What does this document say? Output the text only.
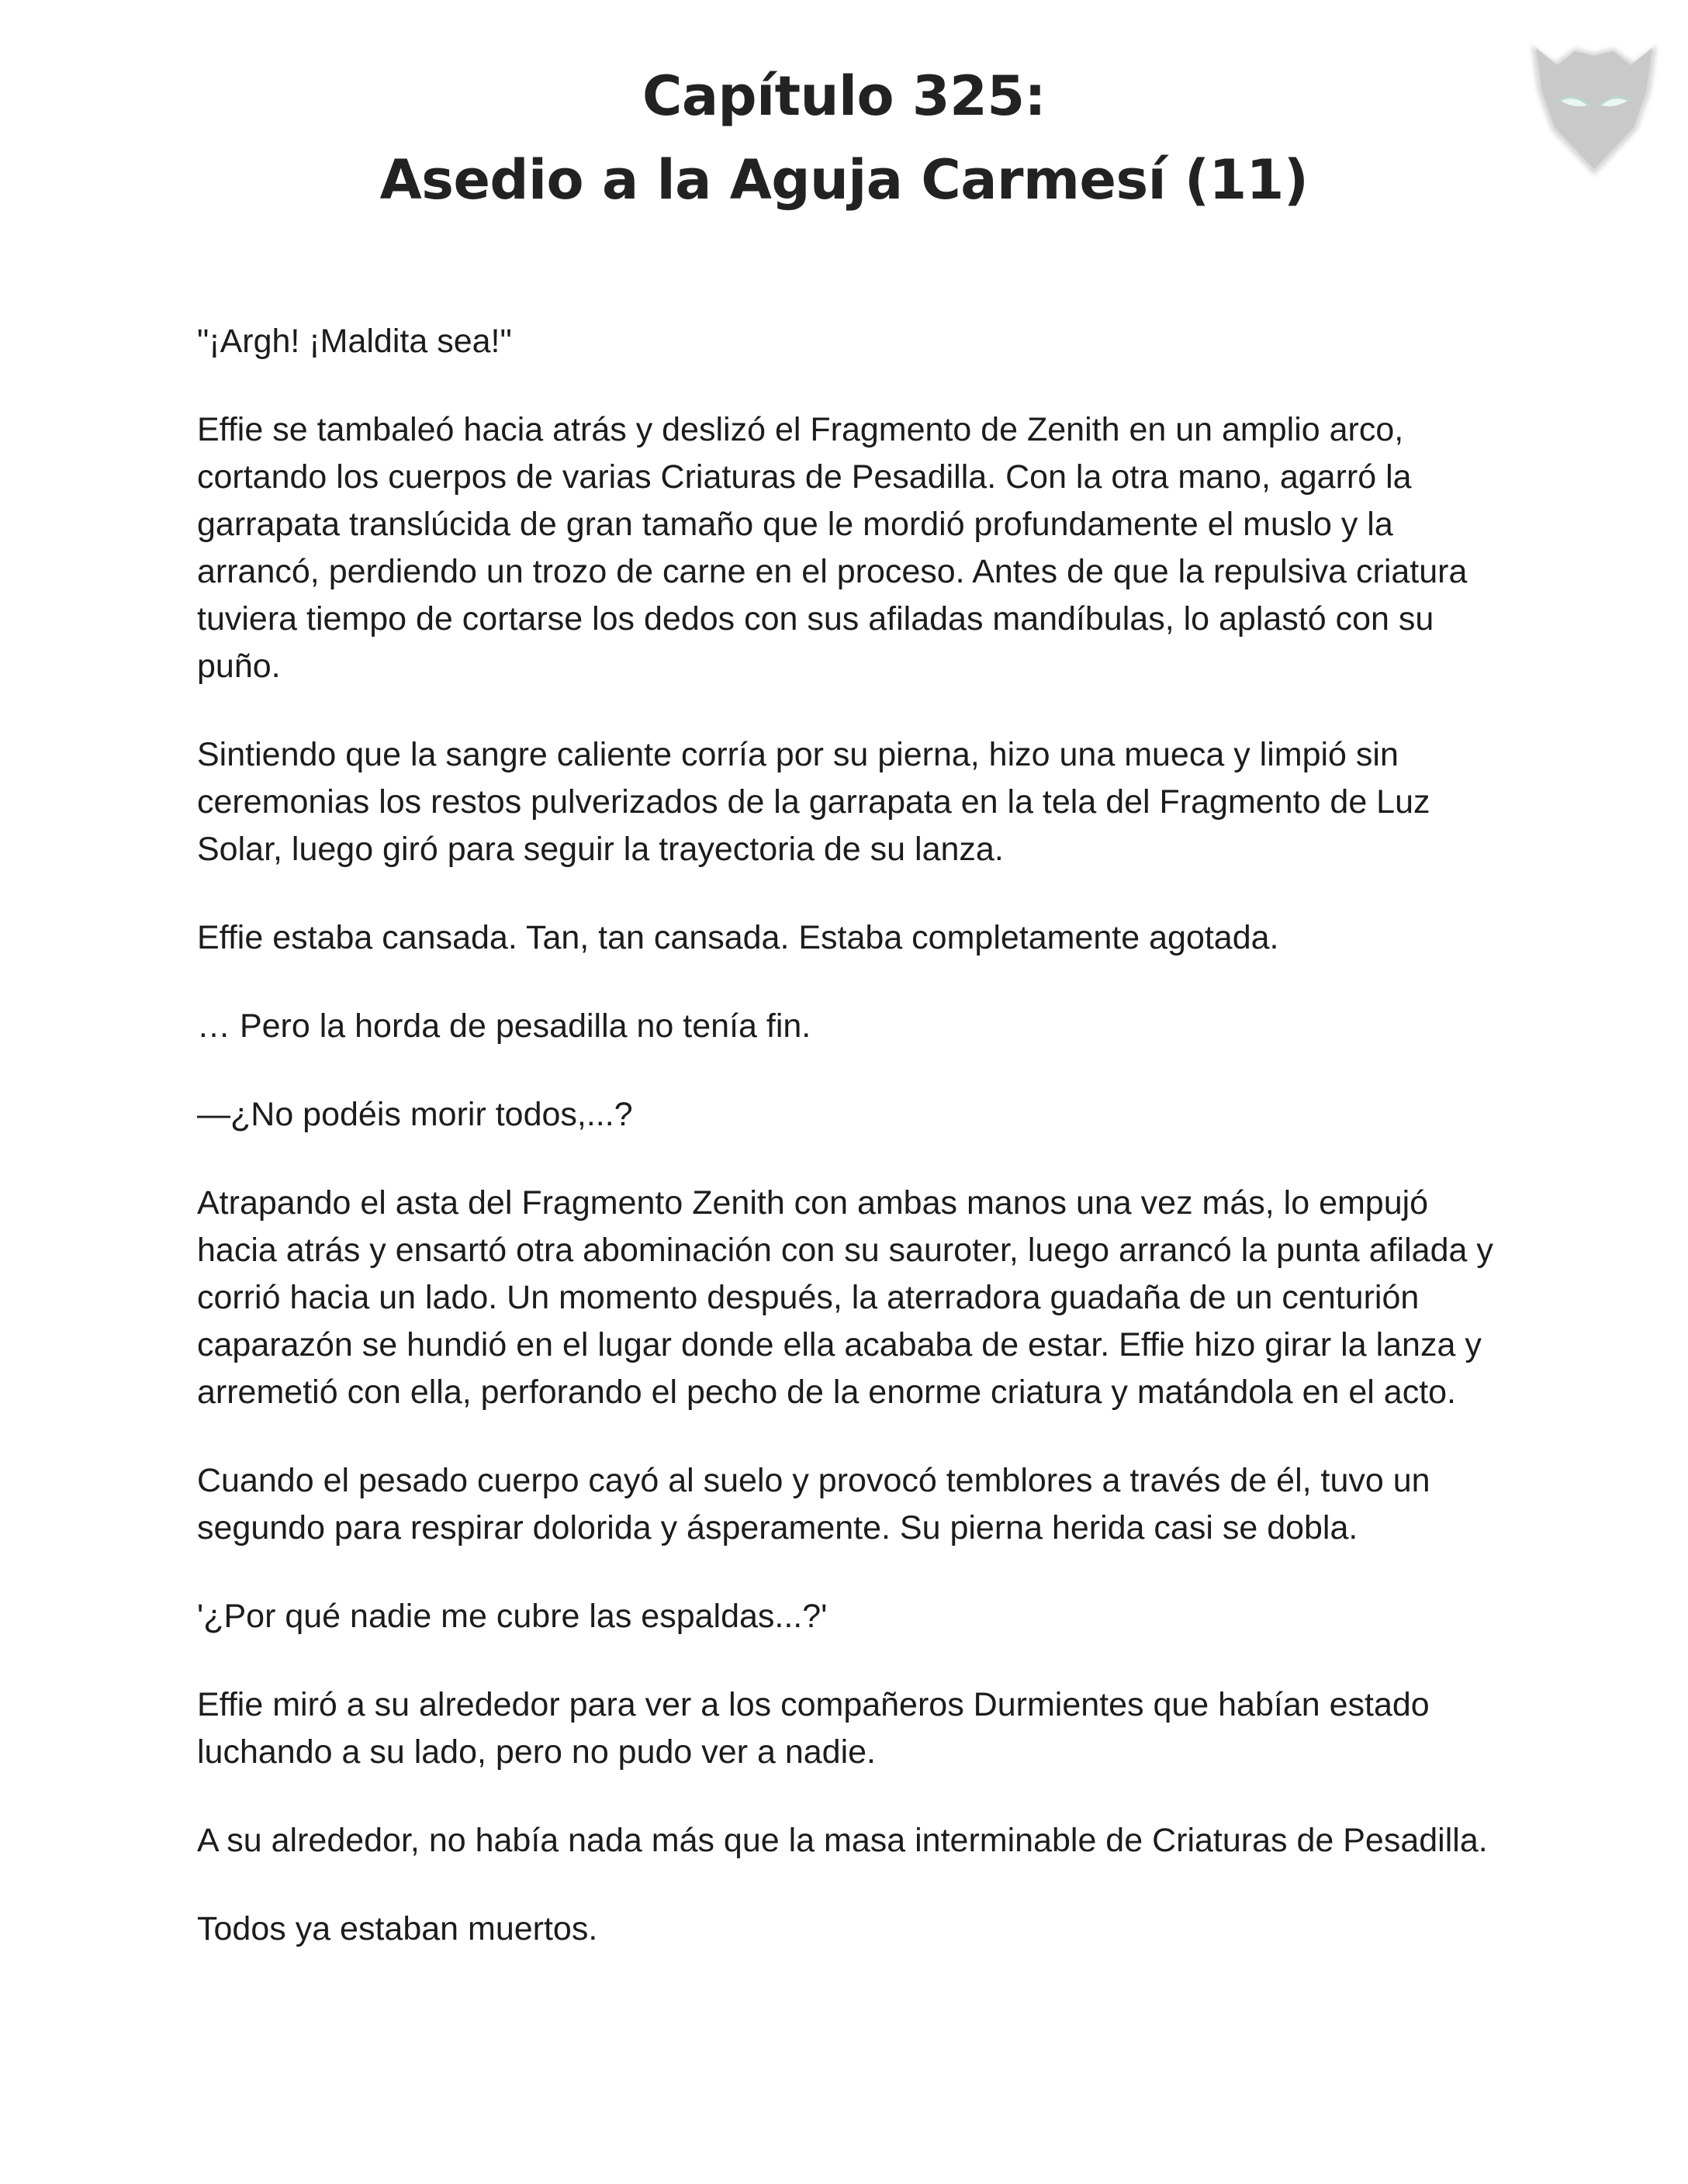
Capítulo 325:
Asedio a la Aguja Carmesí (11)

"¡Argh! ¡Maldita sea!"

Effie se tambaleó hacia atrás y deslizó el Fragmento de Zenith en un amplio arco, cortando los cuerpos de varias Criaturas de Pesadilla. Con la otra mano, agarró la garrapata translúcida de gran tamaño que le mordió profundamente el muslo y la arrancó, perdiendo un trozo de carne en el proceso. Antes de que la repulsiva criatura tuviera tiempo de cortarse los dedos con sus afiladas mandíbulas, lo aplastó con su puño.

Sintiendo que la sangre caliente corría por su pierna, hizo una mueca y limpió sin ceremonias los restos pulverizados de la garrapata en la tela del Fragmento de Luz Solar, luego giró para seguir la trayectoria de su lanza.

Effie estaba cansada. Tan, tan cansada. Estaba completamente agotada.

… Pero la horda de pesadilla no tenía fin.

—¿No podéis morir todos,...?

Atrapando el asta del Fragmento Zenith con ambas manos una vez más, lo empujó hacia atrás y ensartó otra abominación con su sauroter, luego arrancó la punta afilada y corrió hacia un lado. Un momento después, la aterradora guadaña de un centurión caparazón se hundió en el lugar donde ella acababa de estar. Effie hizo girar la lanza y arremetió con ella, perforando el pecho de la enorme criatura y matándola en el acto.

Cuando el pesado cuerpo cayó al suelo y provocó temblores a través de él, tuvo un segundo para respirar dolorida y ásperamente. Su pierna herida casi se dobla.

'¿Por qué nadie me cubre las espaldas...?'

Effie miró a su alrededor para ver a los compañeros Durmientes que habían estado luchando a su lado, pero no pudo ver a nadie.

A su alrededor, no había nada más que la masa interminable de Criaturas de Pesadilla.

Todos ya estaban muertos.
